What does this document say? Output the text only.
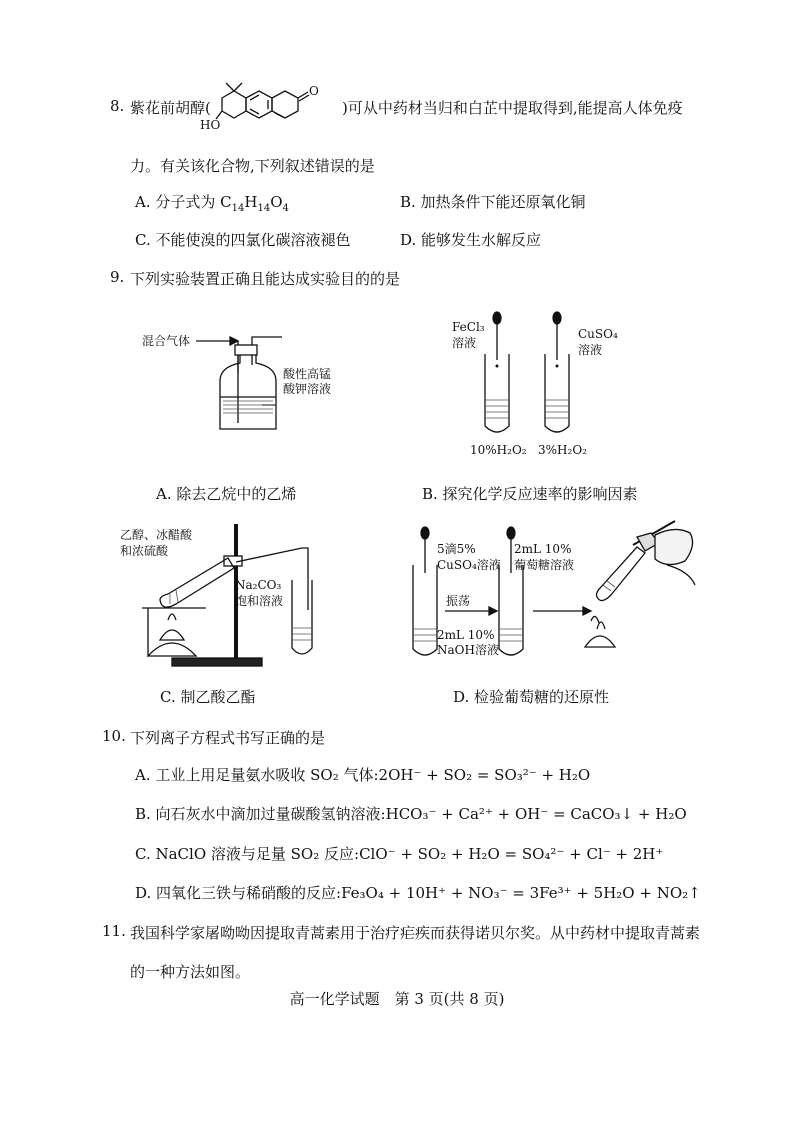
8. 紫花前胡醇(
HO
O
)可从中药材当归和白芷中提取得到,能提高人体免疫
力。有关该化合物,下列叙述错误的是
A. 分子式为 $C_{14}H_{14}O_4$	B. 加热条件下能还原氧化铜
C. 不能使溴的四氯化碳溶液褪色	D. 能够发生水解反应
9. 下列实验装置正确且能达成实验目的的是
混合气体
酸性高锰
酸钾溶液
A. 除去乙烷中的乙烯
FeCl₃
溶液
CuSO₄
溶液
10%H₂O₂ 3%H₂O₂
B. 探究化学反应速率的影响因素
乙醇、冰醋酸
和浓硫酸
Na₂CO₃
饱和溶液
C. 制乙酸乙酯
5滴5%
CuSO₄溶液
振荡
2mL 10%
NaOH溶液
2mL 10%
葡萄糖溶液
D. 检验葡萄糖的还原性
10. 下列离子方程式书写正确的是
A. 工业上用足量氨水吸收 SO₂ 气体:2OH⁻ + SO₂ = SO₃²⁻ + H₂O
B. 向石灰水中滴加过量碳酸氢钠溶液:HCO₃⁻ + Ca²⁺ + OH⁻ = CaCO₃↓ + H₂O
C. NaClO 溶液与足量 SO₂ 反应:ClO⁻ + SO₂ + H₂O = SO₄²⁻ + Cl⁻ + 2H⁺
D. 四氧化三铁与稀硝酸的反应:Fe₃O₄ + 10H⁺ + NO₃⁻ = 3Fe³⁺ + 5H₂O + NO₂↑
11. 我国科学家屠呦呦因提取青蒿素用于治疗疟疾而获得诺贝尔奖。从中药材中提取青蒿素
的一种方法如图。
高一化学试题　第 3 页(共 8 页)
